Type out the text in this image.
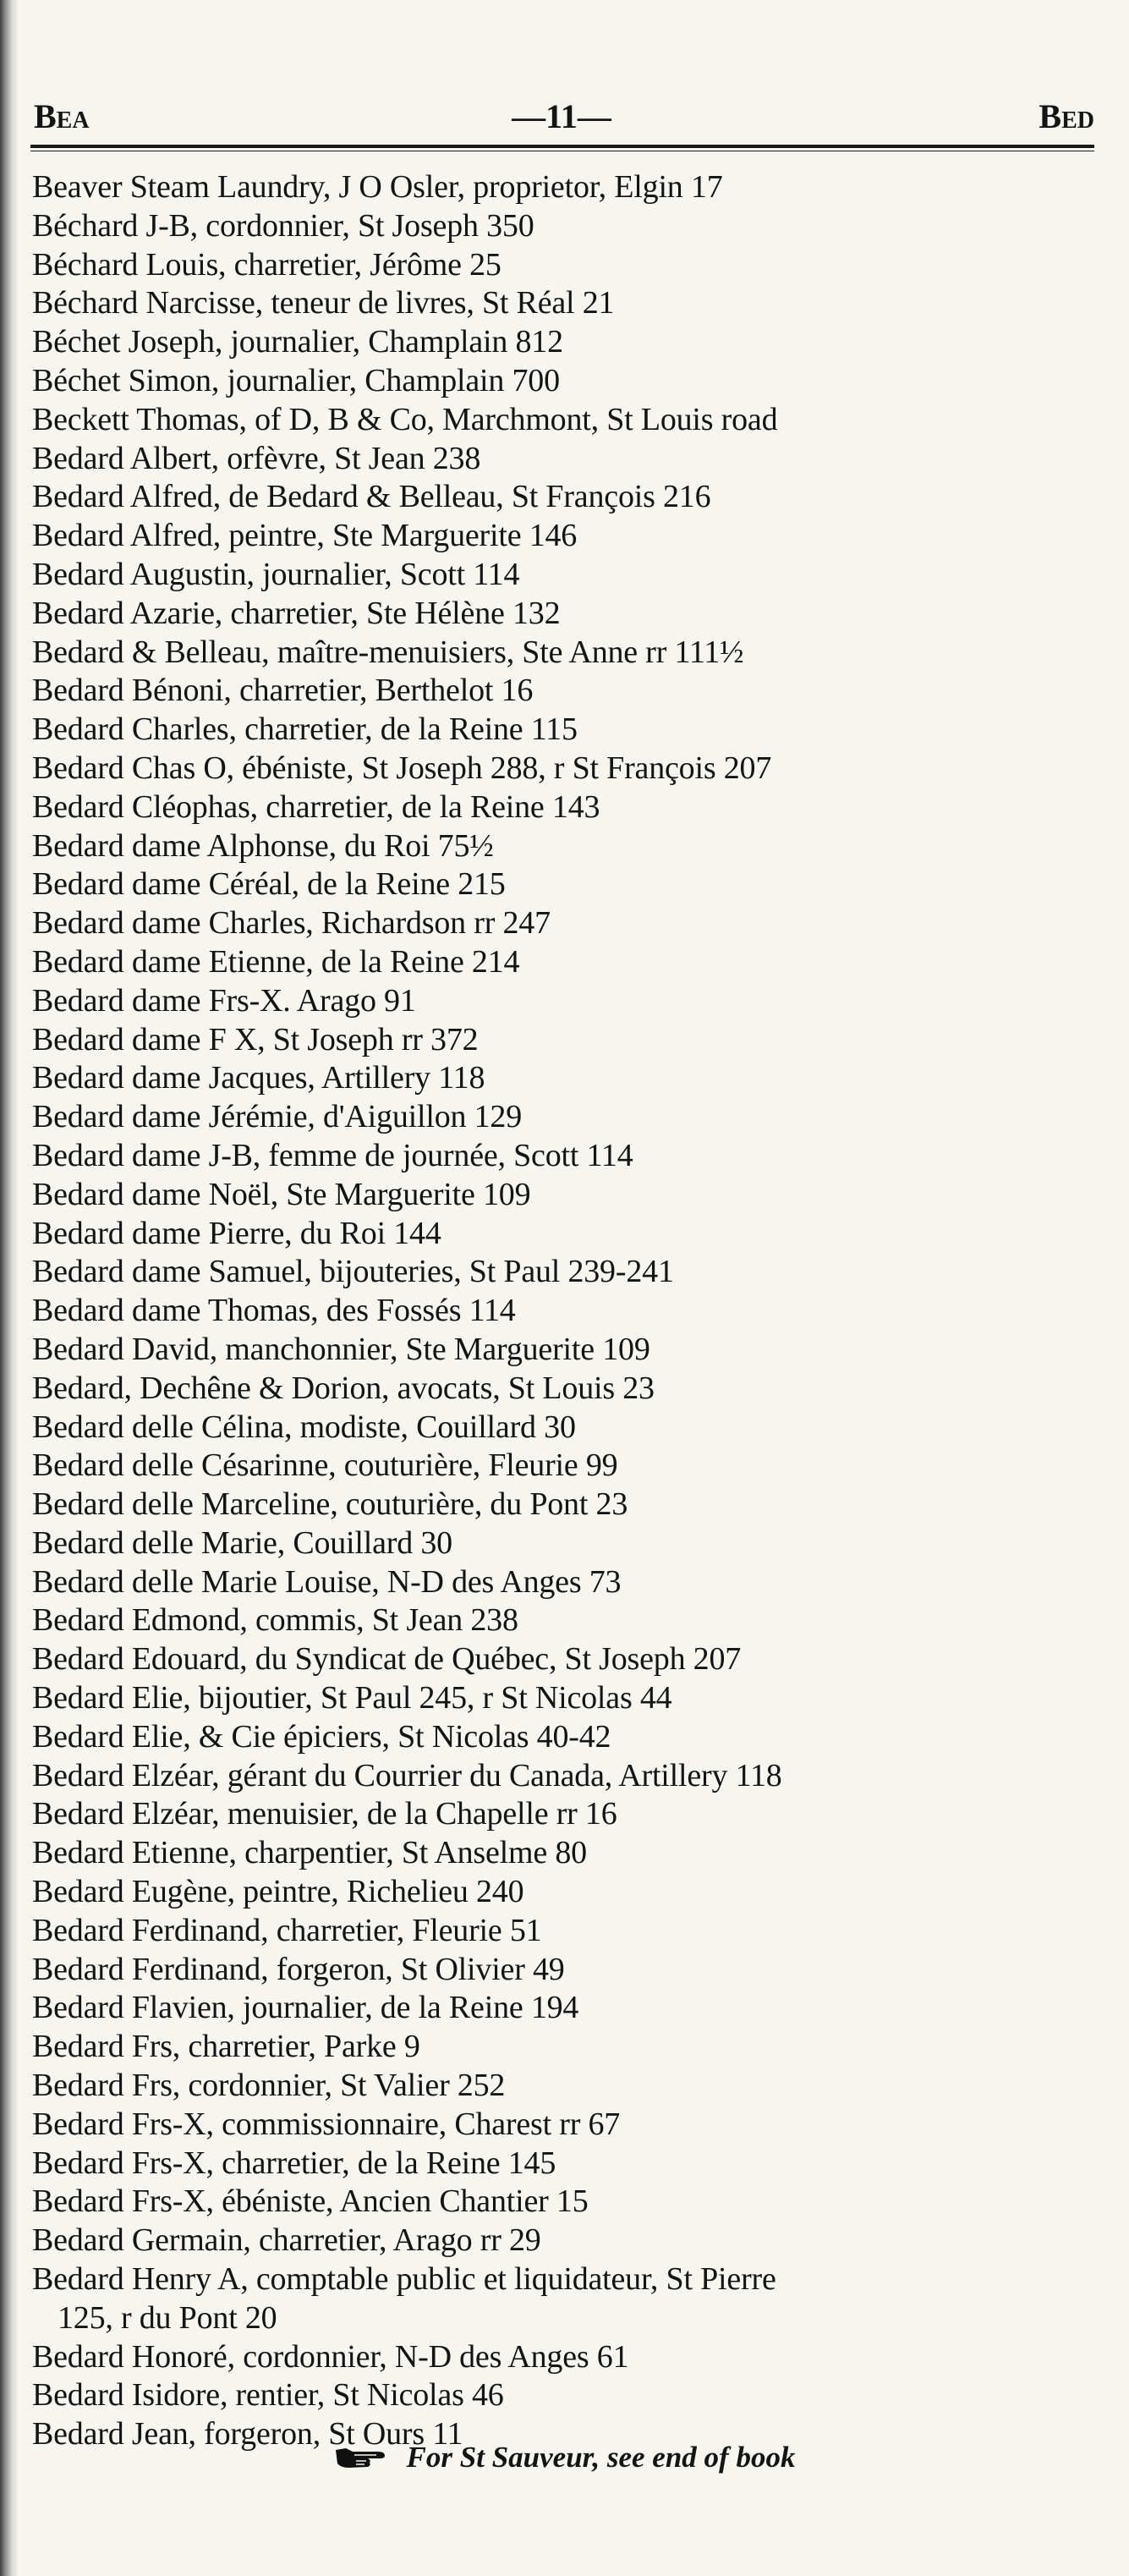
Bea	—11—	Bed
Beaver Steam Laundry, J O Osler, proprietor, Elgin 17
Béchard J-B, cordonnier, St Joseph 350
Béchard Louis, charretier, Jérôme 25
Béchard Narcisse, teneur de livres, St Réal 21
Béchet Joseph, journalier, Champlain 812
Béchet Simon, journalier, Champlain 700
Beckett Thomas, of D, B & Co, Marchmont, St Louis road
Bedard Albert, orfèvre, St Jean 238
Bedard Alfred, de Bedard & Belleau, St François 216
Bedard Alfred, peintre, Ste Marguerite 146
Bedard Augustin, journalier, Scott 114
Bedard Azarie, charretier, Ste Hélène 132
Bedard & Belleau, maître-menuisiers, Ste Anne rr 111½
Bedard Bénoni, charretier, Berthelot 16
Bedard Charles, charretier, de la Reine 115
Bedard Chas O, ébéniste, St Joseph 288, r St François 207
Bedard Cléophas, charretier, de la Reine 143
Bedard dame Alphonse, du Roi 75½
Bedard dame Céréal, de la Reine 215
Bedard dame Charles, Richardson rr 247
Bedard dame Etienne, de la Reine 214
Bedard dame Frs-X. Arago 91
Bedard dame F X, St Joseph rr 372
Bedard dame Jacques, Artillery 118
Bedard dame Jérémie, d'Aiguillon 129
Bedard dame J-B, femme de journée, Scott 114
Bedard dame Noël, Ste Marguerite 109
Bedard dame Pierre, du Roi 144
Bedard dame Samuel, bijouteries, St Paul 239-241
Bedard dame Thomas, des Fossés 114
Bedard David, manchonnier, Ste Marguerite 109
Bedard, Dechêne & Dorion, avocats, St Louis 23
Bedard delle Célina, modiste, Couillard 30
Bedard delle Césarinne, couturière, Fleurie 99
Bedard delle Marceline, couturière, du Pont 23
Bedard delle Marie, Couillard 30
Bedard delle Marie Louise, N-D des Anges 73
Bedard Edmond, commis, St Jean 238
Bedard Edouard, du Syndicat de Québec, St Joseph 207
Bedard Elie, bijoutier, St Paul 245, r St Nicolas 44
Bedard Elie, & Cie épiciers, St Nicolas 40-42
Bedard Elzéar, gérant du Courrier du Canada, Artillery 118
Bedard Elzéar, menuisier, de la Chapelle rr 16
Bedard Etienne, charpentier, St Anselme 80
Bedard Eugène, peintre, Richelieu 240
Bedard Ferdinand, charretier, Fleurie 51
Bedard Ferdinand, forgeron, St Olivier 49
Bedard Flavien, journalier, de la Reine 194
Bedard Frs, charretier, Parke 9
Bedard Frs, cordonnier, St Valier 252
Bedard Frs-X, commissionnaire, Charest rr 67
Bedard Frs-X, charretier, de la Reine 145
Bedard Frs-X, ébéniste, Ancien Chantier 15
Bedard Germain, charretier, Arago rr 29
Bedard Henry A, comptable public et liquidateur, St Pierre
125, r du Pont 20
Bedard Honoré, cordonnier, N-D des Anges 61
Bedard Isidore, rentier, St Nicolas 46
Bedard Jean, forgeron, St Ours 11
For St Sauveur, see end of book
